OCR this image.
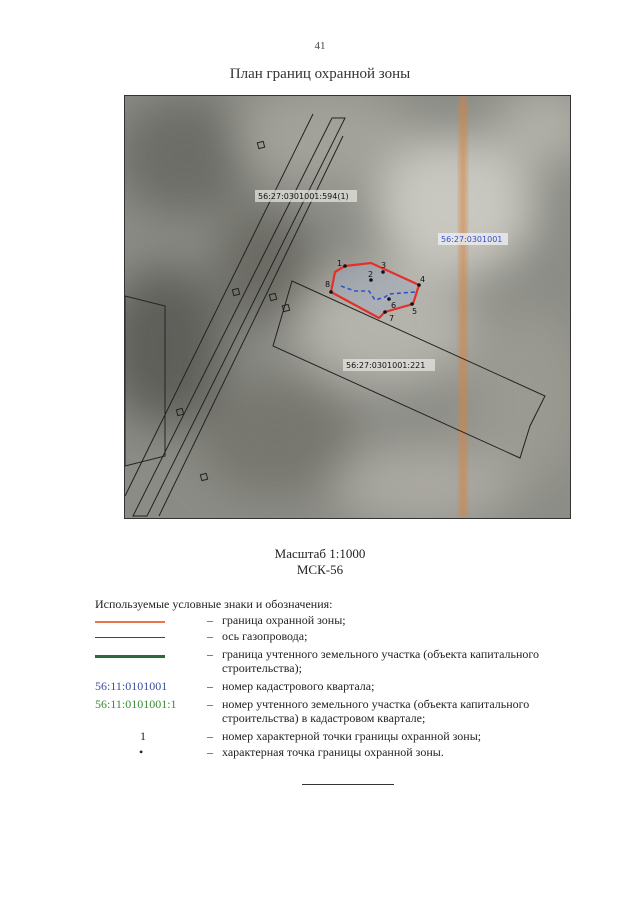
41
План границ охранной зоны
1
2
3
4
5
6
7
8
56:27:0301001:594(1)
56:27:0301001
56:27:0301001:221
Масштаб 1:1000
МСК-56
Используемые условные знаки и обозначения:
– граница охранной зоны;
– ось газопровода;
– граница учтенного земельного участка (объекта капитального строительства);
56:11:0101001	– номер кадастрового квартала;
56:11:0101001:1	– номер учтенного земельного участка (объекта капитального строительства) в кадастровом квартале;
1	– номер характерной точки границы охранной зоны;
•	– характерная точка границы охранной зоны.
